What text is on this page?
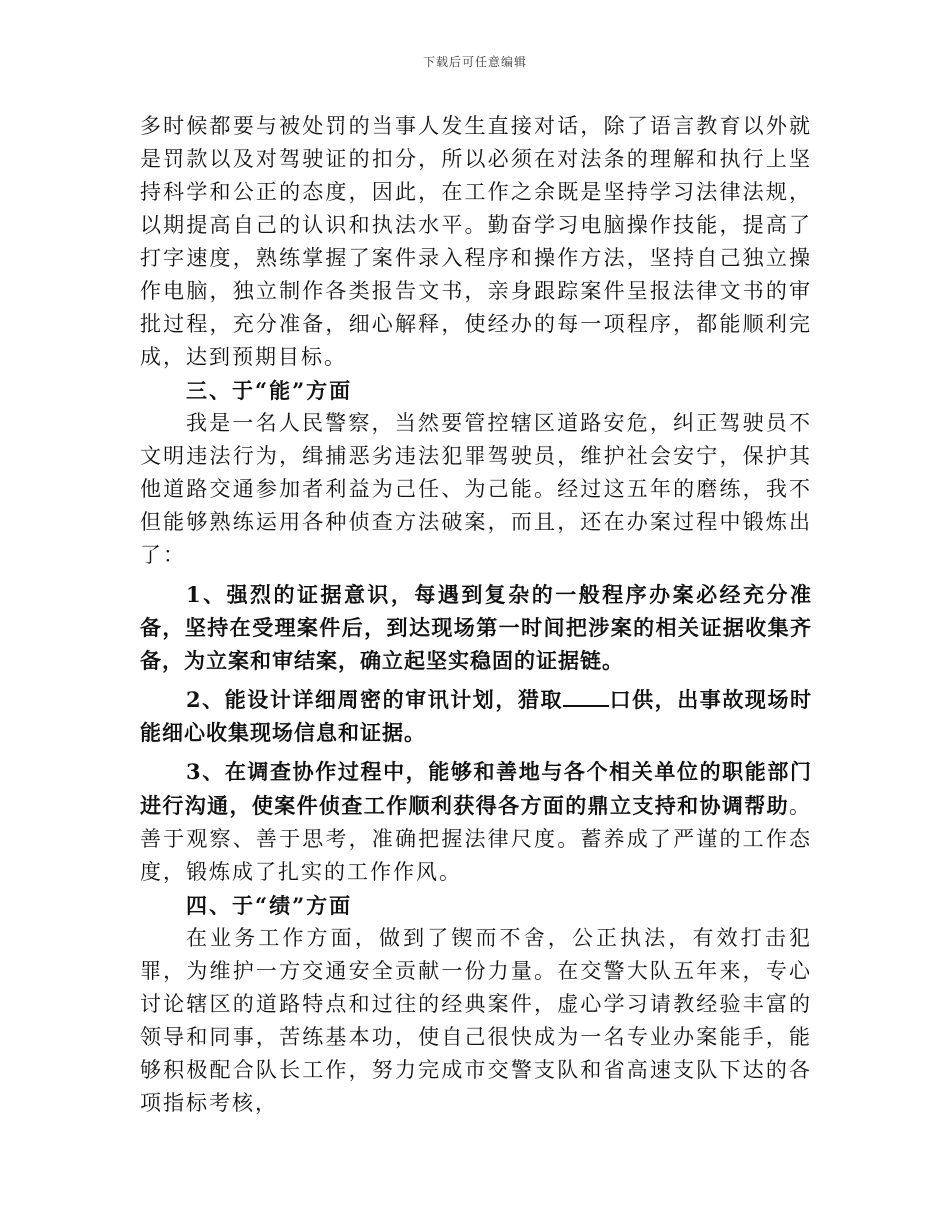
下载后可任意编辑

多时候都要与被处罚的当事人发生直接对话，除了语言教育以外就是罚款以及对驾驶证的扣分，所以必须在对法条的理解和执行上坚持科学和公正的态度，因此，在工作之余既是坚持学习法律法规，以期提高自己的认识和执法水平。勤奋学习电脑操作技能，提高了打字速度，熟练掌握了案件录入程序和操作方法，坚持自己独立操作电脑，独立制作各类报告文书，亲身跟踪案件呈报法律文书的审批过程，充分准备，细心解释，使经办的每一项程序，都能顺利完成，达到预期目标。

三、于“能”方面

我是一名人民警察，当然要管控辖区道路安危，纠正驾驶员不文明违法行为，缉捕恶劣违法犯罪驾驶员，维护社会安宁，保护其他道路交通参加者利益为己任、为己能。经过这五年的磨练，我不但能够熟练运用各种侦查方法破案，而且，还在办案过程中锻炼出了：

1、强烈的证据意识，每遇到复杂的一般程序办案必经充分准备，坚持在受理案件后，到达现场第一时间把涉案的相关证据收集齐备，为立案和审结案，确立起坚实稳固的证据链。

2、能设计详细周密的审讯计划，猎取 口供，出事故现场时能细心收集现场信息和证据。

3、在调查协作过程中，能够和善地与各个相关单位的职能部门进行沟通，使案件侦查工作顺利获得各方面的鼎立支持和协调帮助。善于观察、善于思考，准确把握法律尺度。蓄养成了严谨的工作态度，锻炼成了扎实的工作作风。

四、于“绩”方面

在业务工作方面，做到了锲而不舍，公正执法，有效打击犯罪，为维护一方交通安全贡献一份力量。在交警大队五年来，专心讨论辖区的道路特点和过往的经典案件，虚心学习请教经验丰富的领导和同事，苦练基本功，使自己很快成为一名专业办案能手，能够积极配合队长工作，努力完成市交警支队和省高速支队下达的各项指标考核，
